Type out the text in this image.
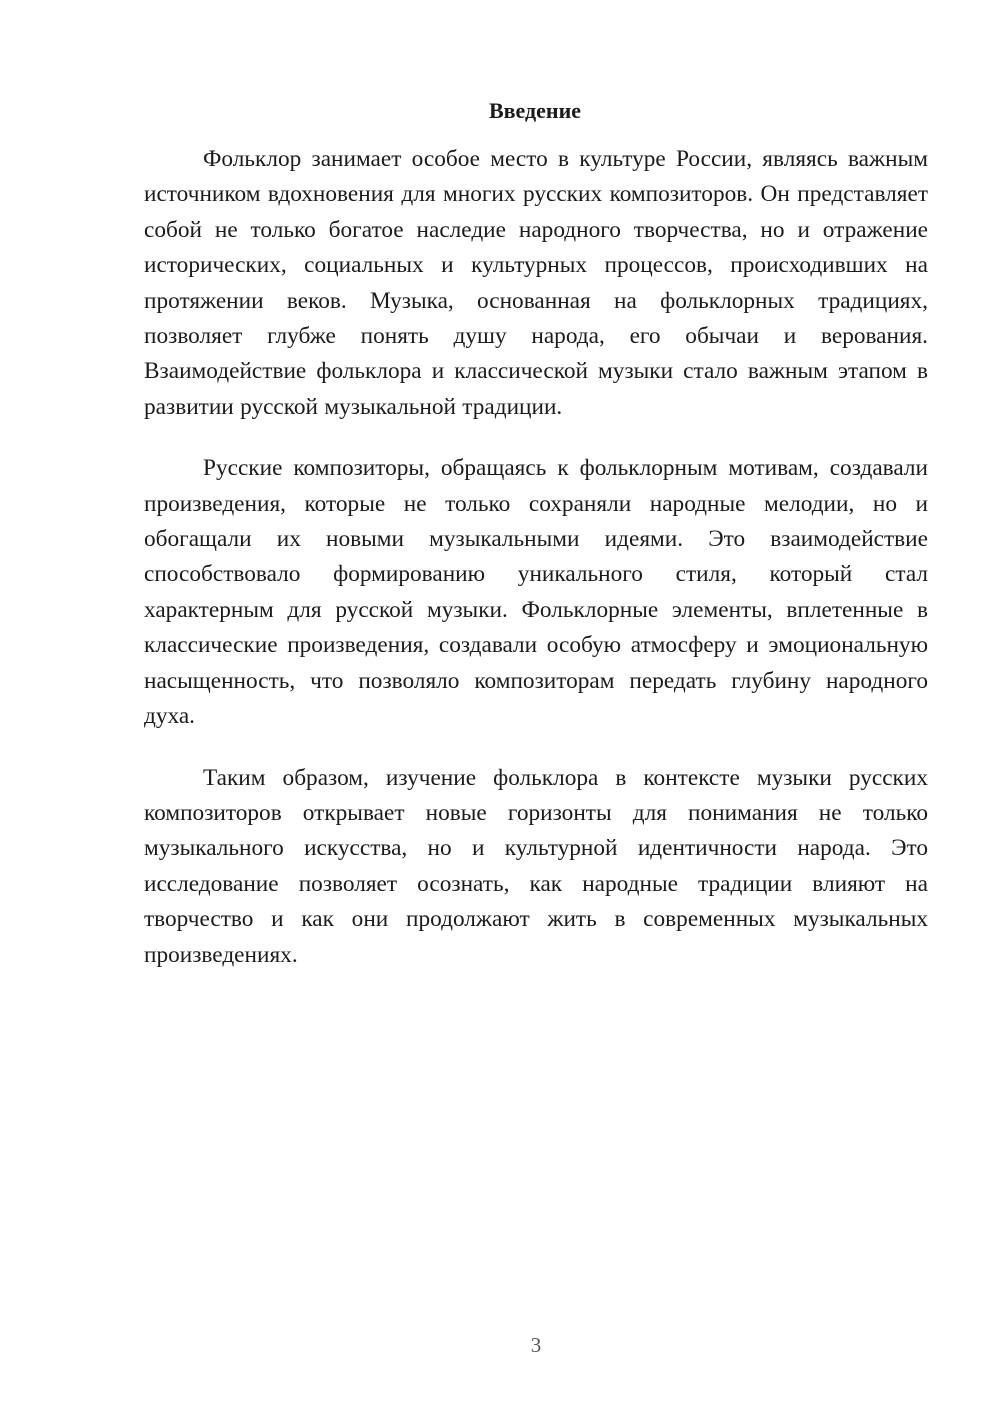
Введение

Фольклор занимает особое место в культуре России, являясь важным источником вдохновения для многих русских композиторов. Он представляет собой не только богатое наследие народного творчества, но и отражение исторических, социальных и культурных процессов, происходивших на протяжении веков. Музыка, основанная на фольклорных традициях, позволяет глубже понять душу народа, его обычаи и верования. Взаимодействие фольклора и классической музыки стало важным этапом в развитии русской музыкальной традиции.

Русские композиторы, обращаясь к фольклорным мотивам, создавали произведения, которые не только сохраняли народные мелодии, но и обогащали их новыми музыкальными идеями. Это взаимодействие способствовало формированию уникального стиля, который стал характерным для русской музыки. Фольклорные элементы, вплетенные в классические произведения, создавали особую атмосферу и эмоциональную насыщенность, что позволяло композиторам передать глубину народного духа.

Таким образом, изучение фольклора в контексте музыки русских композиторов открывает новые горизонты для понимания не только музыкального искусства, но и культурной идентичности народа. Это исследование позволяет осознать, как народные традиции влияют на творчество и как они продолжают жить в современных музыкальных произведениях.

3
